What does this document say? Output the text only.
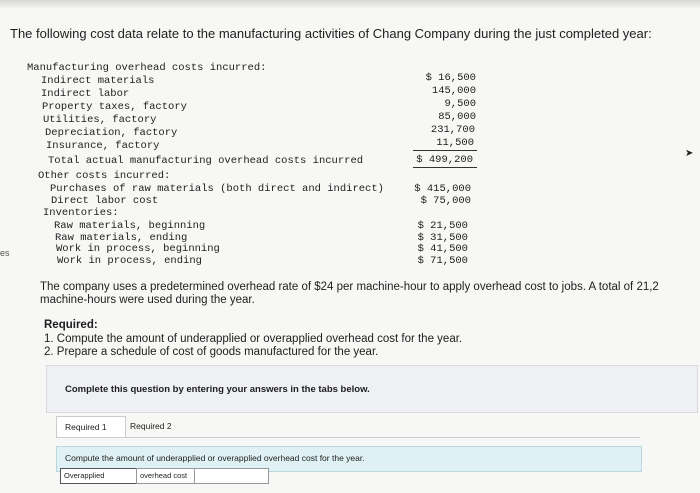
es
➤
The following cost data relate to the manufacturing activities of Chang Company during the just completed year:
Manufacturing overhead costs incurred:
Indirect materials
Indirect labor
Property taxes, factory
Utilities, factory
Depreciation, factory
Insurance, factory
Total actual manufacturing overhead costs incurred
$ 16,500
145,000
9,500
85,000
231,700
11,500
$ 499,200
Other costs incurred:
Purchases of raw materials (both direct and indirect)
Direct labor cost
$ 415,000
$ 75,000
Inventories:
Raw materials, beginning
Raw materials, ending
Work in process, beginning
Work in process, ending
$ 21,500
$ 31,500
$ 41,500
$ 71,500
The company uses a predetermined overhead rate of $24 per machine-hour to apply overhead cost to jobs. A total of 21,2
machine-hours were used during the year.
Required:
1. Compute the amount of underapplied or overapplied overhead cost for the year.
2. Prepare a schedule of cost of goods manufactured for the year.
Complete this question by entering your answers in the tabs below.
Required 1	Required 2
Compute the amount of underapplied or overapplied overhead cost for the year.
Overapplied	overhead cost
